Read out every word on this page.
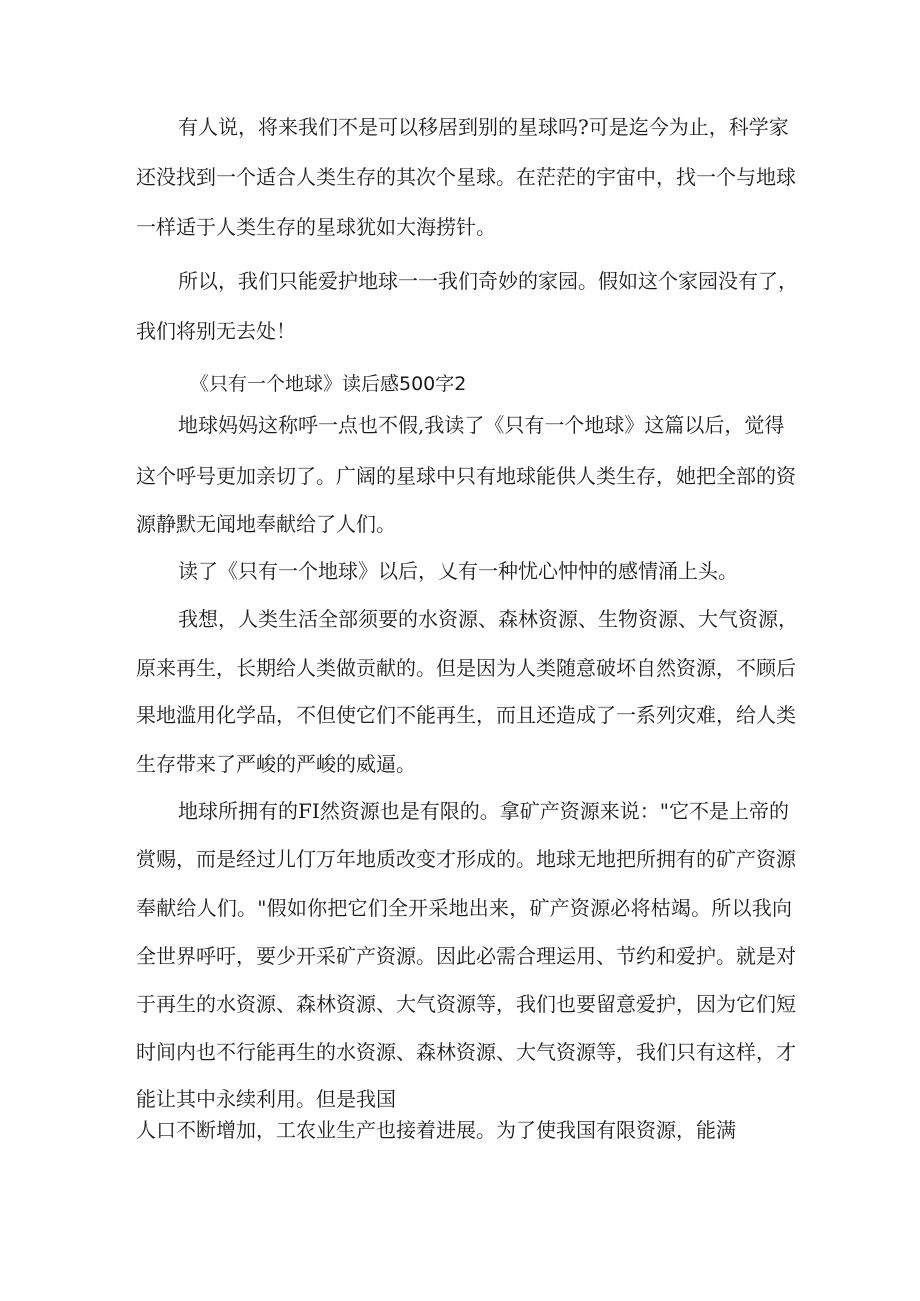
有人说，将来我们不是可以移居到别的星球吗?可是迄今为止，科学家

还没找到一个适合人类生存的其次个星球。在茫茫的宇宙中，找一个与地球

一样适于人类生存的星球犹如大海捞针。

所以，我们只能爱护地球一一我们奇妙的家园。假如这个家园没有了，

我们将别无去处！

《只有一个地球》读后感500字2

地球妈妈这称呼一点也不假,我读了《只有一个地球》这篇以后，觉得

这个呼号更加亲切了。广阔的星球中只有地球能供人类生存，她把全部的资

源静默无闻地奉献给了人们。

读了《只有一个地球》以后，乂有一种忧心忡忡的感情涌上头。

我想，人类生活全部须要的水资源、森林资源、生物资源、大气资源，

原来再生，长期给人类做贡献的。但是因为人类随意破坏自然资源，不顾后

果地滥用化学品，不但使它们不能再生，而且还造成了一系列灾难，给人类

生存带来了严峻的严峻的威逼。

地球所拥有的FI然资源也是有限的。拿矿产资源来说："它不是上帝的

赏赐，而是经过儿仃万年地质改变才形成的。地球无地把所拥有的矿产资源

奉献给人们。"假如你把它们全开采地出来，矿产资源必将枯竭。所以我向

全世界呼吁，要少开采矿产资源。因此必需合理运用、节约和爱护。就是对

于再生的水资源、森林资源、大气资源等，我们也要留意爱护，因为它们短

时间内也不行能再生的水资源、森林资源、大气资源等，我们只有这样，才

能让其中永续利用。但是我国

人口不断增加，工农业生产也接着进展。为了使我国有限资源，能满
